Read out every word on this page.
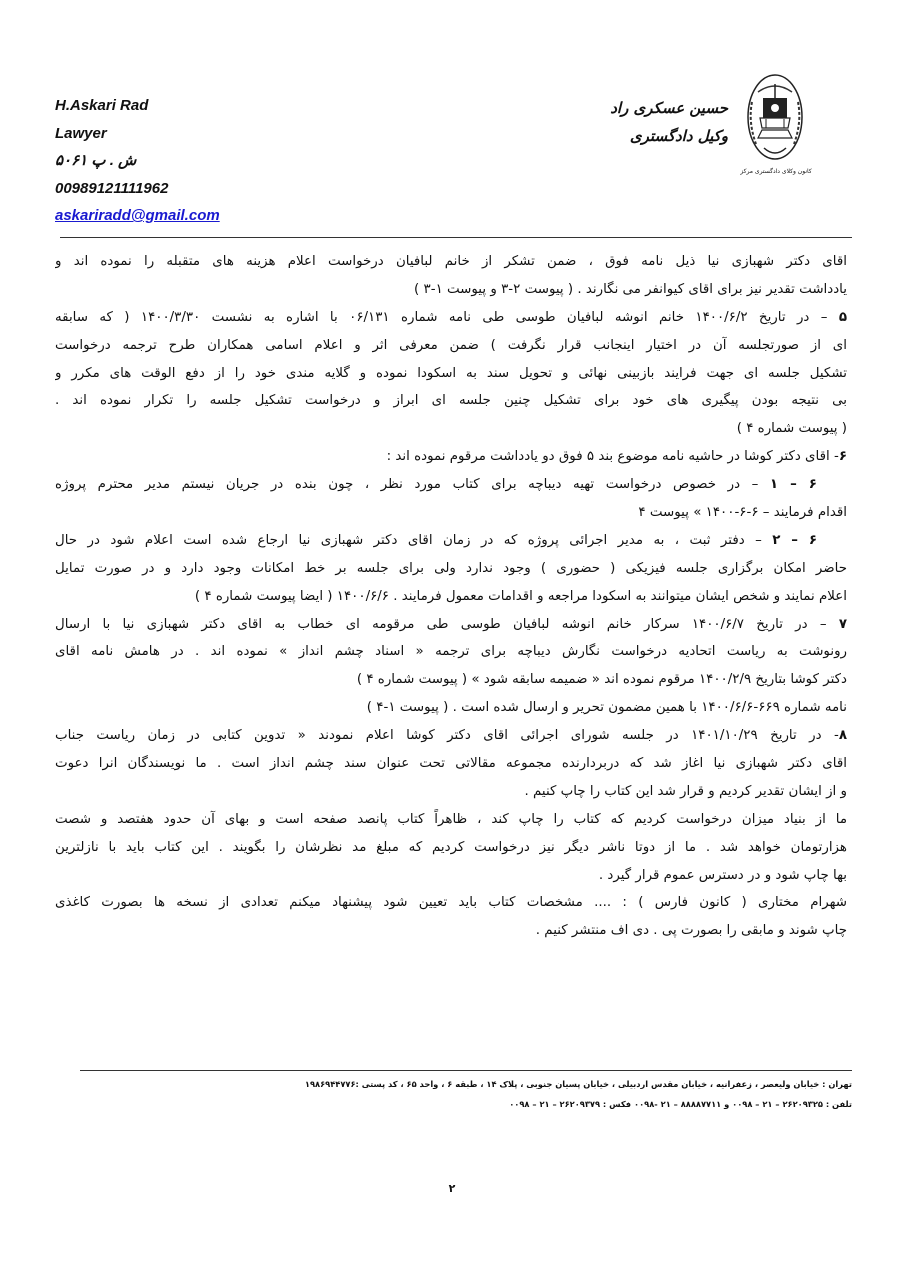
H.Askari Rad
Lawyer
ش . پ ۵۰۶۱
00989121111962
askariradd@gmail.com
حسین عسکری راد
وکیل دادگستری
کانون وکلای دادگستری مرکز
اقای دکتر شهبازی نیا ذیل نامه فوق ، ضمن تشکر از خانم لبافیان درخواست اعلام هزینه های متقبله را نموده اند و
یادداشت تقدیر نیز برای اقای کیوانفر می نگارند . ( پیوست ۲-۳ و پیوست ۱-۳ )
۵ – در تاریخ ۱۴۰۰/۶/۲ خانم انوشه لبافیان طوسی طی نامه شماره ۰۶/۱۳۱ با اشاره به نشست ۱۴۰۰/۳/۳۰ ( که سابقه
ای از صورتجلسه آن در اختیار اینجانب قرار نگرفت ) ضمن معرفی اثر و اعلام اسامی همکاران طرح ترجمه درخواست
تشکیل جلسه ای جهت فرایند بازبینی نهائی و تحویل سند به اسکودا نموده و گلایه مندی خود را از دفع الوقت های مکرر و
بی نتیجه بودن پیگیری های خود برای تشکیل چنین جلسه ای ابراز و درخواست تشکیل جلسه را تکرار نموده اند .
( پیوست شماره ۴ )
۶- اقای دکتر کوشا در حاشیه نامه موضوع بند ۵ فوق دو یادداشت مرقوم نموده اند :
۶ – ۱ – در خصوص درخواست تهیه دیباچه برای کتاب مورد نظر ، چون بنده در جریان نیستم مدیر محترم پروژه
اقدام فرمایند – ۶-۶-۱۴۰۰ » پیوست ۴
۶ – ۲ – دفتر ثبت ، به مدیر اجرائی پروژه که در زمان اقای دکتر شهبازی نیا ارجاع شده است اعلام شود در حال
حاضر امکان برگزاری جلسه فیزیکی ( حضوری ) وجود ندارد ولی برای جلسه بر خط امکانات وجود دارد و در صورت تمایل
اعلام نمایند و شخص ایشان میتوانند به اسکودا مراجعه و اقدامات معمول فرمایند . ۱۴۰۰/۶/۶ ( ایضا پیوست شماره ۴ )
۷ – در تاریخ ۱۴۰۰/۶/۷ سرکار خانم انوشه لبافیان طوسی طی مرقومه ای خطاب به اقای دکتر شهبازی نیا با ارسال
رونوشت به ریاست اتحادیه درخواست نگارش دیباچه برای ترجمه « اسناد چشم انداز » نموده اند . در هامش نامه اقای
دکتر کوشا بتاریخ ۱۴۰۰/۲/۹ مرقوم نموده اند « ضمیمه سابقه شود » ( پیوست شماره ۴ )
نامه شماره ۶۶۹-۱۴۰۰/۶/۶ با همین مضمون تحریر و ارسال شده است . ( پیوست ۱-۴ )
۸- در تاریخ ۱۴۰۱/۱۰/۲۹ در جلسه شورای اجرائی اقای دکتر کوشا اعلام نمودند « تدوین کتابی در زمان ریاست جناب
اقای دکتر شهبازی نیا اغاز شد که دربردارنده مجموعه مقالاتی تحت عنوان سند چشم انداز است . ما نویسندگان انرا دعوت
و از ایشان تقدیر کردیم و قرار شد این کتاب را چاپ کنیم .
ما از بنیاد میزان درخواست کردیم که کتاب را چاپ کند ، ظاهراً کتاب پانصد صفحه است و بهای آن حدود هفتصد و شصت
هزارتومان خواهد شد . ما از دوتا ناشر دیگر نیز درخواست کردیم که مبلغ مد نظرشان را بگویند . این کتاب باید با نازلترین
بها چاپ شود و در دسترس عموم قرار گیرد .
شهرام مختاری ( کانون فارس ) : .... مشخصات کتاب باید تعیین شود پیشنهاد میکنم تعدادی از نسخه ها بصورت کاغذی
چاپ شوند و مابقی را بصورت پی . دی اف منتشر کنیم .
تهران : خیابان ولیعصر ، زعفرانیه ، خیابان مقدس اردبیلی ، خیابان پسیان جنوبی ، پلاک ۱۴ ، طبقه ۶ ، واحد ۶۵ ، کد پستی :۱۹۸۶۹۴۴۷۷۶
تلفن : ۲۶۲۰۹۳۲۵ – ۲۱ – ۰۰۹۸ و ۸۸۸۸۷۷۱۱ – ۲۱ -۰۰۹۸ فکس : ۲۶۲۰۹۳۷۹ – ۲۱ – ۰۰۹۸
۲
